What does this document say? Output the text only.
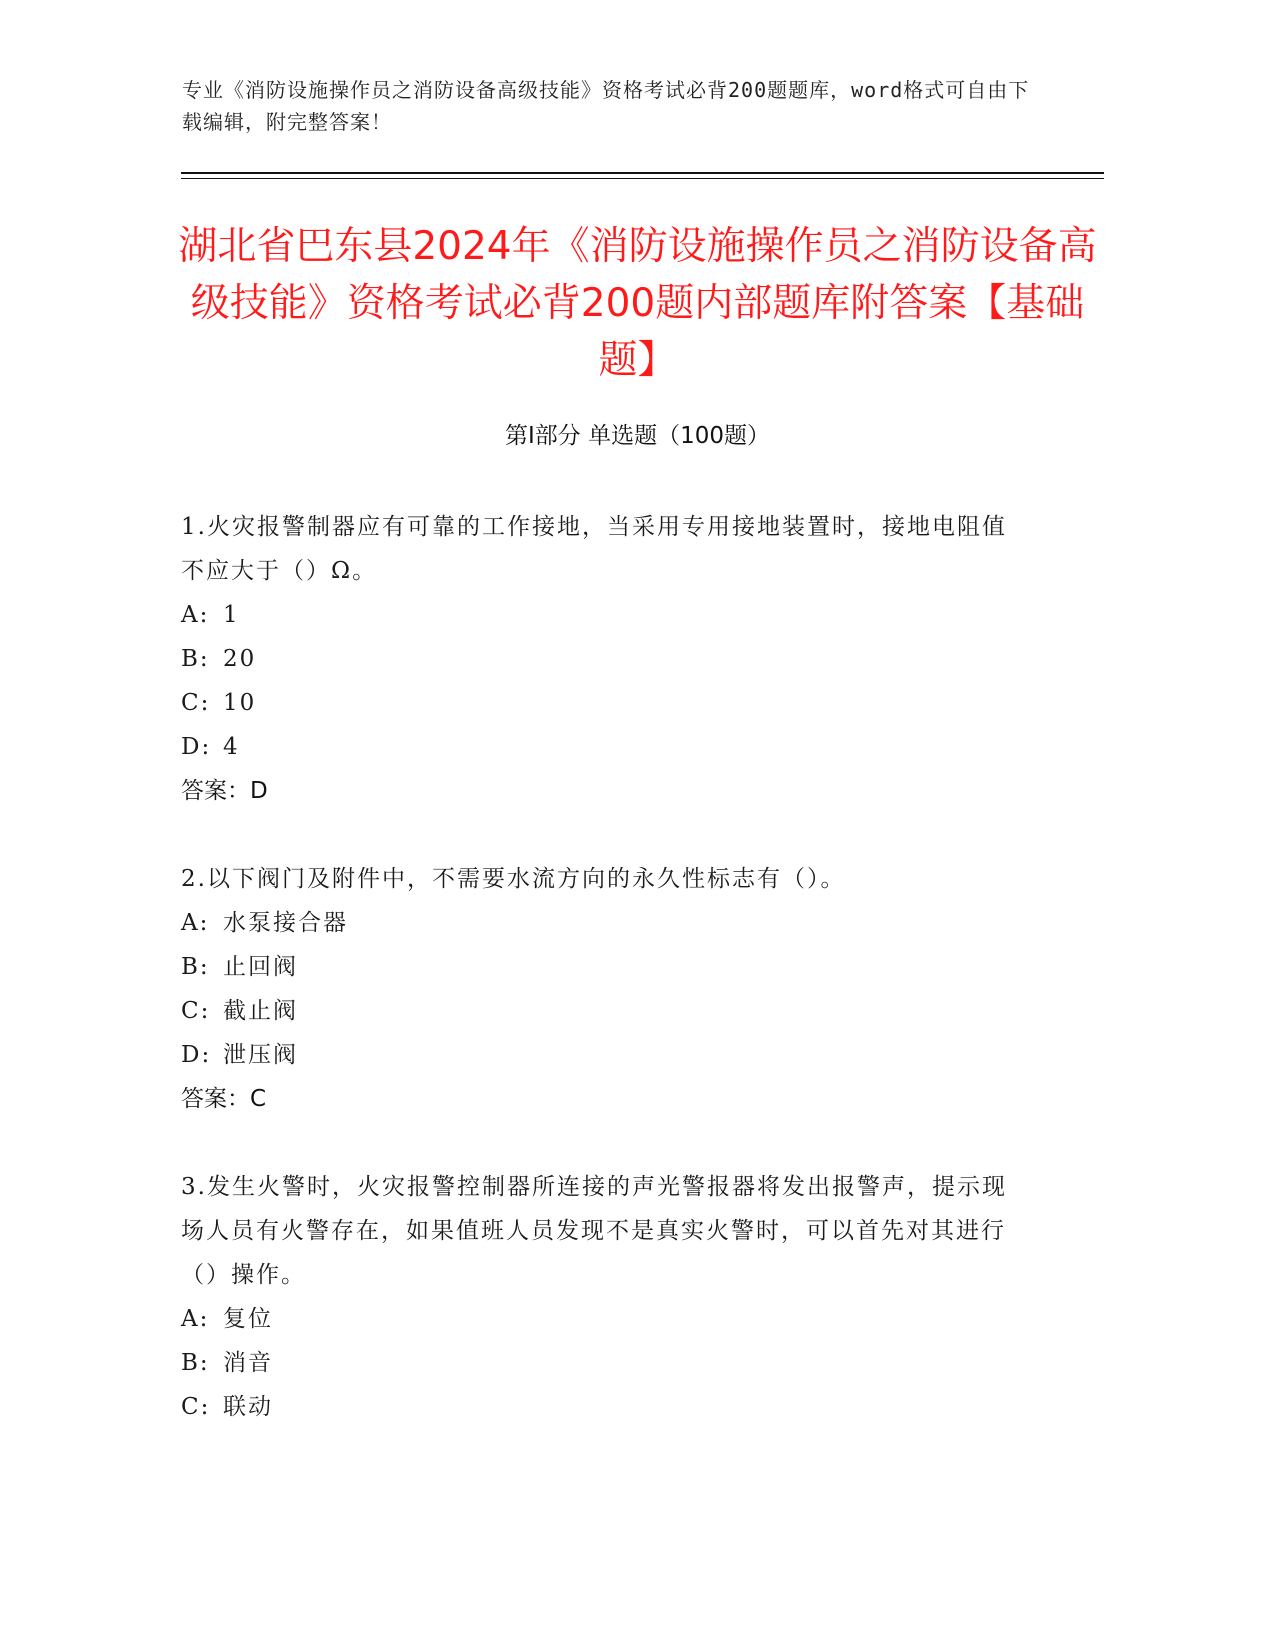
专业《消防设施操作员之消防设备高级技能》资格考试必背200题题库，word格式可自由下载编辑，附完整答案！
湖北省巴东县2024年《消防设施操作员之消防设备高级技能》资格考试必背200题内部题库附答案【基础题】
第I部分 单选题（100题）

1.火灾报警制器应有可靠的工作接地，当采用专用接地装置时，接地电阻值不应大于（）Ω。

A: 1
B: 20
C: 10
D: 4
答案：D

2.以下阀门及附件中，不需要水流方向的永久性标志有（）。

A: 水泵接合器
B: 止回阀
C: 截止阀
D: 泄压阀
答案：C

3.发生火警时，火灾报警控制器所连接的声光警报器将发出报警声，提示现场人员有火警存在，如果值班人员发现不是真实火警时，可以首先对其进行（）操作。

A: 复位
B: 消音
C: 联动
